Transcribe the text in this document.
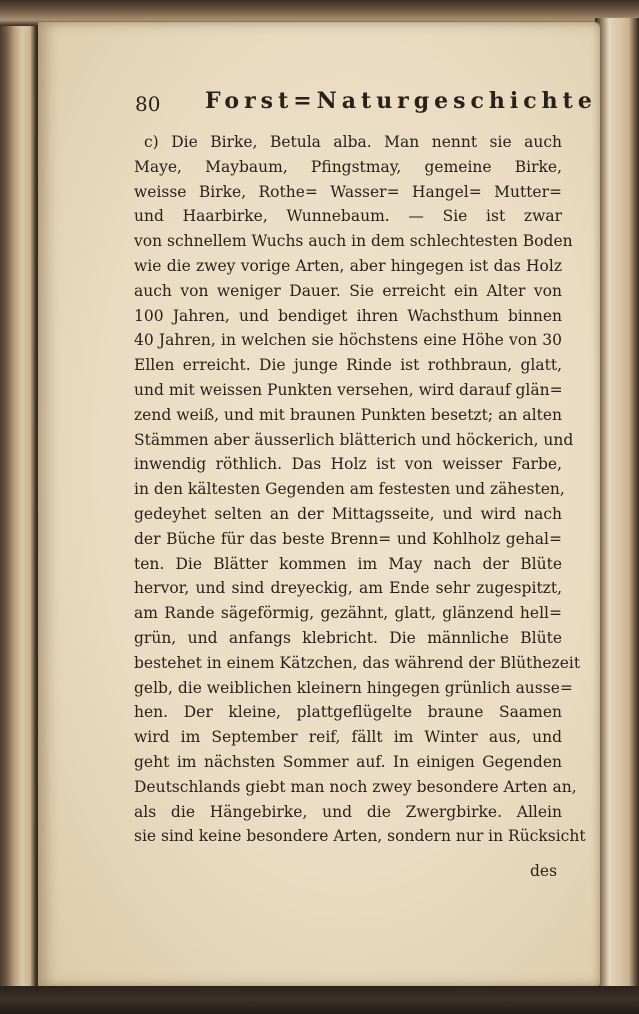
80 Forst=Naturgeschichte
c) Die Birke, Betula alba. Man nennt sie auch
Maye, Maybaum, Pfingstmay, gemeine Birke,
weisse Birke, Rothe= Wasser= Hangel= Mutter=
und Haarbirke, Wunnebaum. — Sie ist zwar
von schnellem Wuchs auch in dem schlechtesten Boden
wie die zwey vorige Arten, aber hingegen ist das Holz
auch von weniger Dauer. Sie erreicht ein Alter von
100 Jahren, und bendiget ihren Wachsthum binnen
40 Jahren, in welchen sie höchstens eine Höhe von 30
Ellen erreicht. Die junge Rinde ist rothbraun, glatt,
und mit weissen Punkten versehen, wird darauf glän=
zend weiß, und mit braunen Punkten besetzt; an alten
Stämmen aber äusserlich blätterich und höckerich, und
inwendig röthlich. Das Holz ist von weisser Farbe,
in den kältesten Gegenden am festesten und zähesten,
gedeyhet selten an der Mittagsseite, und wird nach
der Büche für das beste Brenn= und Kohlholz gehal=
ten. Die Blätter kommen im May nach der Blüte
hervor, und sind dreyeckig, am Ende sehr zugespitzt,
am Rande sägeförmig, gezähnt, glatt, glänzend hell=
grün, und anfangs klebricht. Die männliche Blüte
bestehet in einem Kätzchen, das während der Blüthezeit
gelb, die weiblichen kleinern hingegen grünlich ausse=
hen. Der kleine, plattgeflügelte braune Saamen
wird im September reif, fällt im Winter aus, und
geht im nächsten Sommer auf. In einigen Gegenden
Deutschlands giebt man noch zwey besondere Arten an,
als die Hängebirke, und die Zwergbirke. Allein
sie sind keine besondere Arten, sondern nur in Rücksicht
des
